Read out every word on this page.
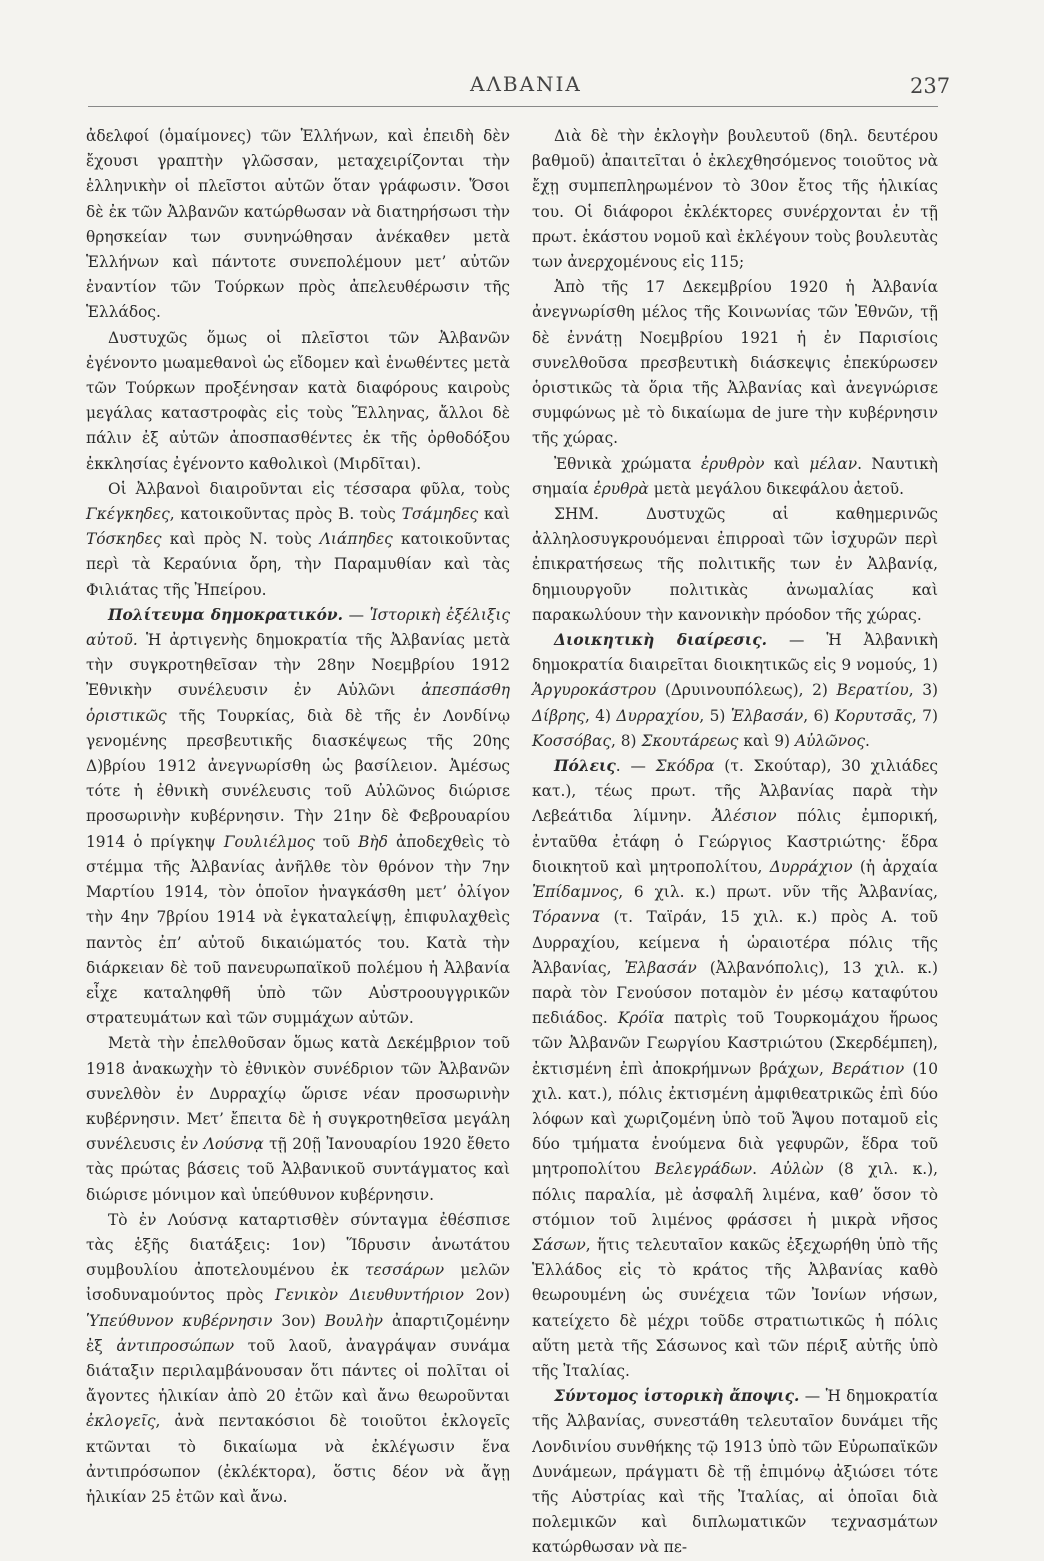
ΑΛΒΑΝΙΑ	237

ἀδελφοί (ὁμαίμονες) τῶν Ἑλλήνων, καὶ ἐπειδὴ δὲν ἔχουσι γραπτὴν γλῶσσαν, μεταχειρίζονται τὴν ἑλληνικὴν οἱ πλεῖστοι αὐτῶν ὅταν γράφωσιν. Ὅσοι δὲ ἐκ τῶν Ἀλβανῶν κατώρθωσαν νὰ διατηρήσωσι τὴν θρησκείαν των συνηνώθησαν ἀνέκαθεν μετὰ Ἑλλήνων καὶ πάντοτε συνεπολέμουν μετ’ αὐτῶν ἐναντίον τῶν Τούρκων πρὸς ἀπελευθέρωσιν τῆς Ἑλλάδος.

Δυστυχῶς ὅμως οἱ πλεῖστοι τῶν Ἀλβανῶν ἐγένοντο μωαμεθανοὶ ὡς εἴδομεν καὶ ἑνωθέντες μετὰ τῶν Τούρκων προξένησαν κατὰ διαφόρους καιροὺς μεγάλας καταστροφὰς εἰς τοὺς Ἕλληνας, ἄλλοι δὲ πάλιν ἐξ αὐτῶν ἀποσπασθέντες ἐκ τῆς ὀρθοδόξου ἐκκλησίας ἐγένοντο καθολικοὶ (Μιρδῖται).

Οἱ Ἀλβανοὶ διαιροῦνται εἰς τέσσαρα φῦλα, τοὺς Γκέγκηδες, κατοικοῦντας πρὸς Β. τοὺς Τσάμηδες καὶ Τόσκηδες καὶ πρὸς Ν. τοὺς Λιάπηδες κατοικοῦντας περὶ τὰ Κεραύνια ὄρη, τὴν Παραμυθίαν καὶ τὰς Φιλιάτας τῆς Ἠπείρου.

Πολίτευμα δημοκρατικόν. — Ἱστορικὴ ἐξέλιξις αὐτοῦ. Ἡ ἀρτιγενὴς δημοκρατία τῆς Ἀλβανίας μετὰ τὴν συγκροτηθεῖσαν τὴν 28ην Νοεμβρίου 1912 Ἐθνικὴν συνέλευσιν ἐν Αὐλῶνι ἀπεσπάσθη ὁριστικῶς τῆς Τουρκίας, διὰ δὲ τῆς ἐν Λονδίνῳ γενομένης πρεσβευτικῆς διασκέψεως τῆς 20ης Δ)βρίου 1912 ἀνεγνωρίσθη ὡς βασίλειον. Ἀμέσως τότε ἡ ἐθνικὴ συνέλευσις τοῦ Αὐλῶνος διώρισε προσωρινὴν κυβέρνησιν. Τὴν 21ην δὲ Φεβρουαρίου 1914 ὁ πρίγκηψ Γουλιέλμος τοῦ Βὴδ ἀποδεχθεὶς τὸ στέμμα τῆς Ἀλβανίας ἀνῆλθε τὸν θρόνον τὴν 7ην Μαρτίου 1914, τὸν ὁποῖον ἠναγκάσθη μετ’ ὀλίγον τὴν 4ην 7βρίου 1914 νὰ ἐγκαταλείψῃ, ἐπιφυλαχθεὶς παντὸς ἐπ’ αὐτοῦ δικαιώματός του. Κατὰ τὴν διάρκειαν δὲ τοῦ πανευρωπαϊκοῦ πολέμου ἡ Ἀλβανία εἶχε καταληφθῆ ὑπὸ τῶν Αὐστροουγγρικῶν στρατευμάτων καὶ τῶν συμμάχων αὐτῶν.

Μετὰ τὴν ἐπελθοῦσαν ὅμως κατὰ Δεκέμβριον τοῦ 1918 ἀνακωχὴν τὸ ἐθνικὸν συνέδριον τῶν Ἀλβανῶν συνελθὸν ἐν Δυρραχίῳ ὥρισε νέαν προσωρινὴν κυβέρνησιν. Μετ’ ἔπειτα δὲ ἡ συγκροτηθεῖσα μεγάλη συνέλευσις ἐν Λούσνᾳ τῇ 20ῇ Ἰανουαρίου 1920 ἔθετο τὰς πρώτας βάσεις τοῦ Ἀλβανικοῦ συντάγματος καὶ διώρισε μόνιμον καὶ ὑπεύθυνον κυβέρνησιν.

Τὸ ἐν Λούσνᾳ καταρτισθὲν σύνταγμα ἐθέσπισε τὰς ἑξῆς διατάξεις: 1ον) Ἵδρυσιν ἀνωτάτου συμβουλίου ἀποτελουμένου ἐκ τεσσάρων μελῶν ἰσοδυναμούντος πρὸς Γενικὸν Διευθυντήριον 2ον) Ὑπεύθυνον κυβέρνησιν 3ον) Βουλὴν ἀπαρτιζομένην ἐξ ἀντιπροσώπων τοῦ λαοῦ, ἀναγράψαν συνάμα διάταξιν περιλαμβάνουσαν ὅτι πάντες οἱ πολῖται οἱ ἄγοντες ἡλικίαν ἀπὸ 20 ἐτῶν καὶ ἄνω θεωροῦνται ἐκλογεῖς, ἀνὰ πεντακόσιοι δὲ τοιοῦτοι ἐκλογεῖς κτῶνται τὸ δικαίωμα νὰ ἐκλέγωσιν ἕνα ἀντιπρόσωπον (ἐκλέκτορα), ὅστις δέον νὰ ἄγῃ ἡλικίαν 25 ἐτῶν καὶ ἄνω.

Διὰ δὲ τὴν ἐκλογὴν βουλευτοῦ (δηλ. δευτέρου βαθμοῦ) ἀπαιτεῖται ὁ ἐκλεχθησόμενος τοιοῦτος νὰ ἔχῃ συμπεπληρωμένον τὸ 30ον ἔτος τῆς ἡλικίας του. Οἱ διάφοροι ἐκλέκτορες συνέρχονται ἐν τῇ πρωτ. ἑκάστου νομοῦ καὶ ἐκλέγουν τοὺς βουλευτὰς των ἀνερχομένους εἰς 115;

Ἀπὸ τῆς 17 Δεκεμβρίου 1920 ἡ Ἀλβανία ἀνεγνωρίσθη μέλος τῆς Κοινωνίας τῶν Ἐθνῶν, τῇ δὲ ἐννάτῃ Νοεμβρίου 1921 ἡ ἐν Παρισίοις συνελθοῦσα πρεσβευτικὴ διάσκεψις ἐπεκύρωσεν ὁριστικῶς τὰ ὅρια τῆς Ἀλβανίας καὶ ἀνεγνώρισε συμφώνως μὲ τὸ δικαίωμα de jure τὴν κυβέρνησιν τῆς χώρας.

Ἐθνικὰ χρώματα ἐρυθρὸν καὶ μέλαν. Ναυτικὴ σημαία ἐρυθρὰ μετὰ μεγάλου δικεφάλου ἀετοῦ.

ΣΗΜ. Δυστυχῶς αἱ καθημερινῶς ἀλληλοσυγκρουόμεναι ἐπιρροαὶ τῶν ἰσχυρῶν περὶ ἐπικρατήσεως τῆς πολιτικῆς των ἐν Ἀλβανίᾳ, δημιουργοῦν πολιτικὰς ἀνωμαλίας καὶ παρακωλύουν τὴν κανονικὴν πρόοδον τῆς χώρας.

Διοικητικὴ διαίρεσις. — Ἡ Ἀλβανικὴ δημοκρατία διαιρεῖται διοικητικῶς εἰς 9 νομούς, 1) Ἀργυροκάστρου (Δρυινουπόλεως), 2) Βερατίου, 3) Δίβρης, 4) Δυρραχίου, 5) Ἐλβασάν, 6) Κορυτσᾶς, 7) Κοσσόβας, 8) Σκουτάρεως καὶ 9) Αὐλῶνος.

Πόλεις. — Σκόδρα (τ. Σκούταρ), 30 χιλιάδες κατ.), τέως πρωτ. τῆς Ἀλβανίας παρὰ τὴν Λεβεάτιδα λίμνην. Ἀλέσιον πόλις ἐμπορική, ἐνταῦθα ἐτάφη ὁ Γεώργιος Καστριώτης· ἕδρα διοικητοῦ καὶ μητροπολίτου, Δυρράχιον (ἡ ἀρχαία Ἐπίδαμνος, 6 χιλ. κ.) πρωτ. νῦν τῆς Ἀλβανίας, Τόραννα (τ. Ταϊράν, 15 χιλ. κ.) πρὸς Α. τοῦ Δυρραχίου, κείμενα ἡ ὡραιοτέρα πόλις τῆς Ἀλβανίας, Ἐλβασάν (Ἀλβανόπολις), 13 χιλ. κ.) παρὰ τὸν Γενούσον ποταμὸν ἐν μέσῳ καταφύτου πεδιάδος. Κρόϊα πατρὶς τοῦ Τουρκομάχου ἥρωος τῶν Ἀλβανῶν Γεωργίου Καστριώτου (Σκερδέμπεη), ἐκτισμένη ἐπὶ ἀποκρήμνων βράχων, Βεράτιον (10 χιλ. κατ.), πόλις ἐκτισμένη ἀμφιθεατρικῶς ἐπὶ δύο λόφων καὶ χωριζομένη ὑπὸ τοῦ Ἄψου ποταμοῦ εἰς δύο τμήματα ἑνούμενα διὰ γεφυρῶν, ἕδρα τοῦ μητροπολίτου Βελεγράδων. Αὐλὼν (8 χιλ. κ.), πόλις παραλία, μὲ ἀσφαλῆ λιμένα, καθ’ ὅσον τὸ στόμιον τοῦ λιμένος φράσσει ἡ μικρὰ νῆσος Σάσων, ἥτις τελευταῖον κακῶς ἐξεχωρήθη ὑπὸ τῆς Ἑλλάδος εἰς τὸ κράτος τῆς Ἀλβανίας καθὸ θεωρουμένη ὡς συνέχεια τῶν Ἰονίων νήσων, κατείχετο δὲ μέχρι τοῦδε στρατιωτικῶς ἡ πόλις αὕτη μετὰ τῆς Σάσωνος καὶ τῶν πέριξ αὐτῆς ὑπὸ τῆς Ἰταλίας.

Σύντομος ἱστορικὴ ἄποψις. — Ἡ δημοκρατία τῆς Ἀλβανίας, συνεστάθη τελευταῖον δυνάμει τῆς Λονδινίου συνθήκης τῷ 1913 ὑπὸ τῶν Εὐρωπαϊκῶν Δυνάμεων, πράγματι δὲ τῇ ἐπιμόνῳ ἀξιώσει τότε τῆς Αὐστρίας καὶ τῆς Ἰταλίας, αἱ ὁποῖαι διὰ πολεμικῶν καὶ διπλωματικῶν τεχνασμάτων κατώρθωσαν νὰ πε-
